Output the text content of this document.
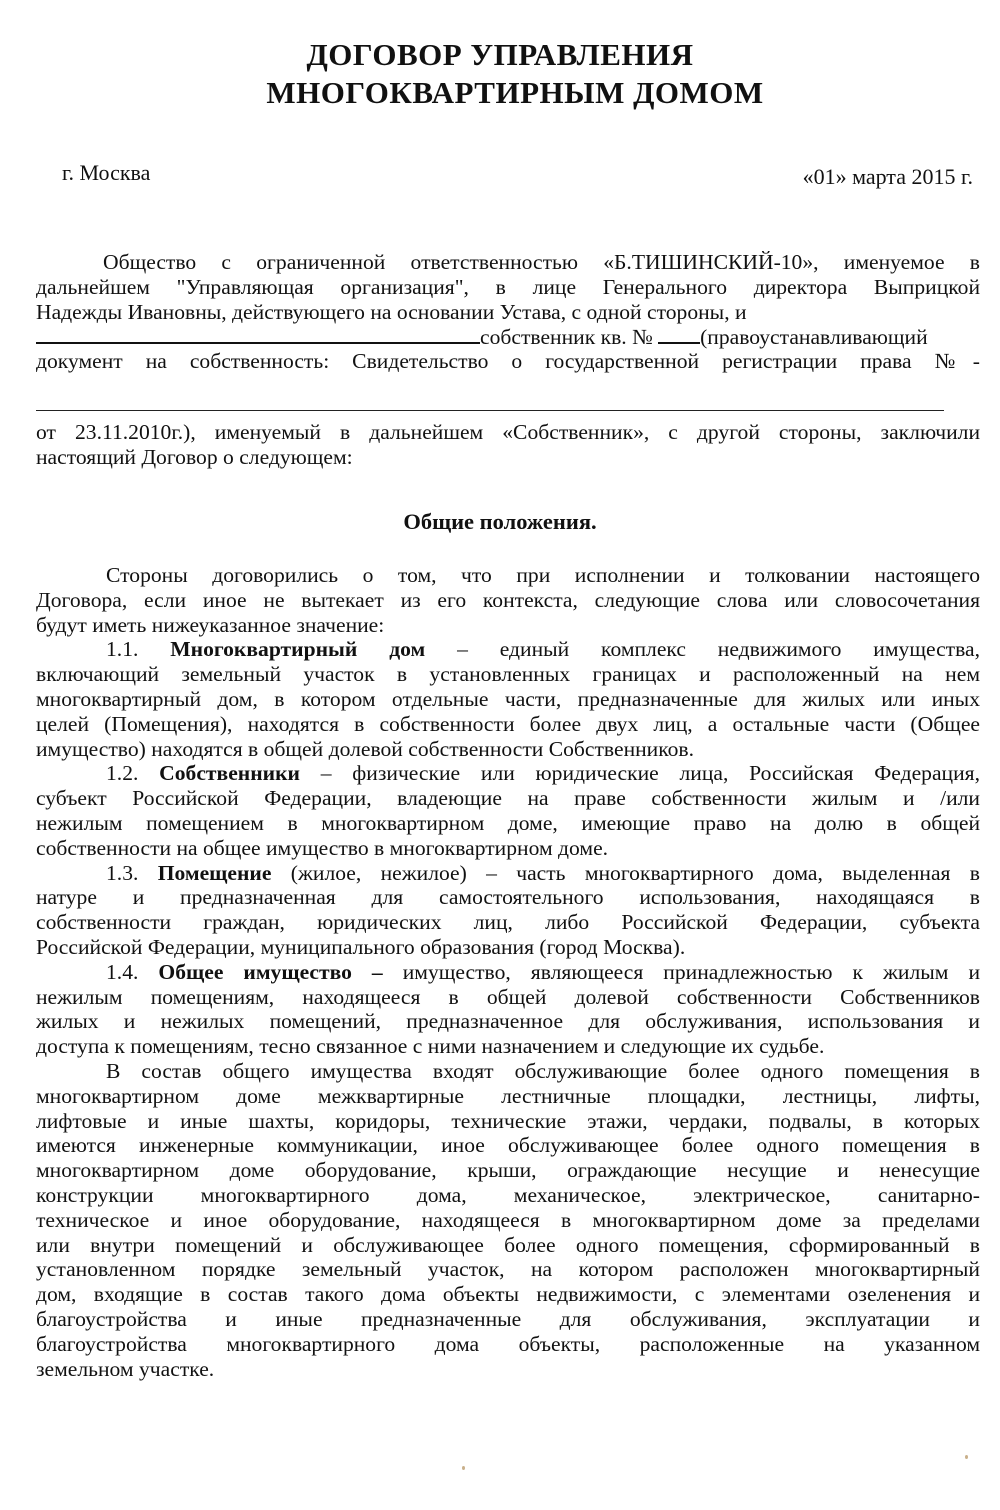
ДОГОВОР УПРАВЛЕНИЯ
МНОГОКВАРТИРНЫМ ДОМОМ
г. Москва	«01» марта 2015 г.
Общество с ограниченной ответственностью «Б.ТИШИНСКИЙ-10», именуемое в
дальнейшем "Управляющая организация", в лице Генерального директора Выприцкой
Надежды Ивановны, действующего на основании Устава, с одной стороны, и
собственник кв. № (правоустанавливающий
документ на собственность: Свидетельство о государственной регистрации права №-
от 23.11.2010г.), именуемый в дальнейшем «Собственник», с другой стороны, заключили
настоящий Договор о следующем:
Общие положения.
Стороны договорились о том, что при исполнении и толковании настоящего
Договора, если иное не вытекает из его контекста, следующие слова или словосочетания
будут иметь нижеуказанное значение:
1.1. Многоквартирный дом – единый комплекс недвижимого имущества,
включающий земельный участок в установленных границах и расположенный на нем
многоквартирный дом, в котором отдельные части, предназначенные для жилых или иных
целей (Помещения), находятся в собственности более двух лиц, а остальные части (Общее
имущество) находятся в общей долевой собственности Собственников.
1.2. Собственники – физические или юридические лица, Российская Федерация,
субъект Российской Федерации, владеющие на праве собственности жилым и /или
нежилым помещением в многоквартирном доме, имеющие право на долю в общей
собственности на общее имущество в многоквартирном доме.
1.3. Помещение (жилое, нежилое) – часть многоквартирного дома, выделенная в
натуре и предназначенная для самостоятельного использования, находящаяся в
собственности граждан, юридических лиц, либо Российской Федерации, субъекта
Российской Федерации, муниципального образования (город Москва).
1.4. Общее имущество – имущество, являющееся принадлежностью к жилым и
нежилым помещениям, находящееся в общей долевой собственности Собственников
жилых и нежилых помещений, предназначенное для обслуживания, использования и
доступа к помещениям, тесно связанное с ними назначением и следующие их судьбе.
В состав общего имущества входят обслуживающие более одного помещения в
многоквартирном доме межквартирные лестничные площадки, лестницы, лифты,
лифтовые и иные шахты, коридоры, технические этажи, чердаки, подвалы, в которых
имеются инженерные коммуникации, иное обслуживающее более одного помещения в
многоквартирном доме оборудование, крыши, ограждающие несущие и ненесущие
конструкции многоквартирного дома, механическое, электрическое, санитарно-
техническое и иное оборудование, находящееся в многоквартирном доме за пределами
или внутри помещений и обслуживающее более одного помещения, сформированный в
установленном порядке земельный участок, на котором расположен многоквартирный
дом, входящие в состав такого дома объекты недвижимости, с элементами озеленения и
благоустройства и иные предназначенные для обслуживания, эксплуатации и
благоустройства многоквартирного дома объекты, расположенные на указанном
земельном участке.
